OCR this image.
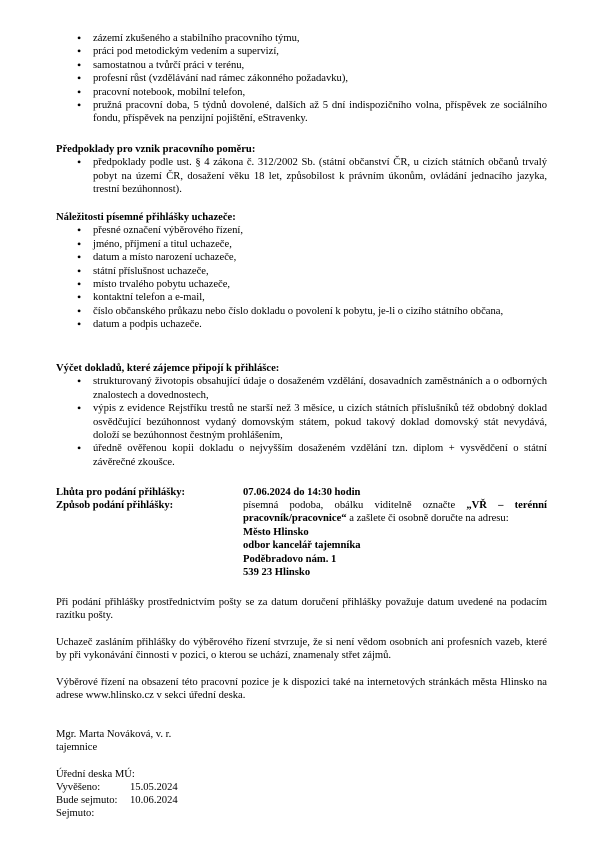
• zázemí zkušeného a stabilního pracovního týmu,
• práci pod metodickým vedením a supervizí,
• samostatnou a tvůrčí práci v terénu,
• profesní růst (vzdělávání nad rámec zákonného požadavku),
• pracovní notebook, mobilní telefon,
• pružná pracovní doba, 5 týdnů dovolené, dalších až 5 dní indispozičního volna, příspěvek ze sociálního fondu, příspěvek na penzijní pojištění, eStravenky.
Předpoklady pro vznik pracovního poměru:
• předpoklady podle ust. § 4 zákona č. 312/2002 Sb. (státní občanství ČR, u cizích státních občanů trvalý pobyt na území ČR, dosažení věku 18 let, způsobilost k právním úkonům, ovládání jednacího jazyka, trestní bezúhonnost).
Náležitosti písemné přihlášky uchazeče:
• přesné označení výběrového řízení,
• jméno, příjmení a titul uchazeče,
• datum a místo narození uchazeče,
• státní příslušnost uchazeče,
• místo trvalého pobytu uchazeče,
• kontaktní telefon a e-mail,
• číslo občanského průkazu nebo číslo dokladu o povolení k pobytu, je-li o cizího státního občana,
• datum a podpis uchazeče.
Výčet dokladů, které zájemce připojí k přihlášce:
• strukturovaný životopis obsahující údaje o dosaženém vzdělání, dosavadních zaměstnáních a o odborných znalostech a dovednostech,
• výpis z evidence Rejstříku trestů ne starší než 3 měsíce, u cizích státních příslušníků též obdobný doklad osvědčující bezúhonnost vydaný domovským státem, pokud takový doklad domovský stát nevydává, doloží se bezúhonnost čestným prohlášením,
• úředně ověřenou kopii dokladu o nejvyšším dosaženém vzdělání tzn. diplom + vysvědčení o státní závěrečné zkoušce.
Lhůta pro podání přihlášky:	07.06.2024 do 14:30 hodin
Způsob podání přihlášky:	písemná podoba, obálku viditelně označte „VŘ – terénní pracovník/pracovnice“ a zašlete či osobně doručte na adresu:
Město Hlinsko
odbor kancelář tajemníka
Poděbradovo nám. 1
539 23 Hlinsko
Při podání přihlášky prostřednictvím pošty se za datum doručení přihlášky považuje datum uvedené na podacím razítku pošty.
Uchazeč zasláním přihlášky do výběrového řízení stvrzuje, že si není vědom osobních ani profesních vazeb, které by při vykonávání činnosti v pozici, o kterou se uchází, znamenaly střet zájmů.
Výběrové řízení na obsazení této pracovní pozice je k dispozici také na internetových stránkách města Hlinsko na adrese www.hlinsko.cz v sekci úřední deska.
Mgr. Marta Nováková, v. r.
tajemnice
Úřední deska MÚ:
Vyvěšeno:	15.05.2024
Bude sejmuto: 10.06.2024
Sejmuto:
